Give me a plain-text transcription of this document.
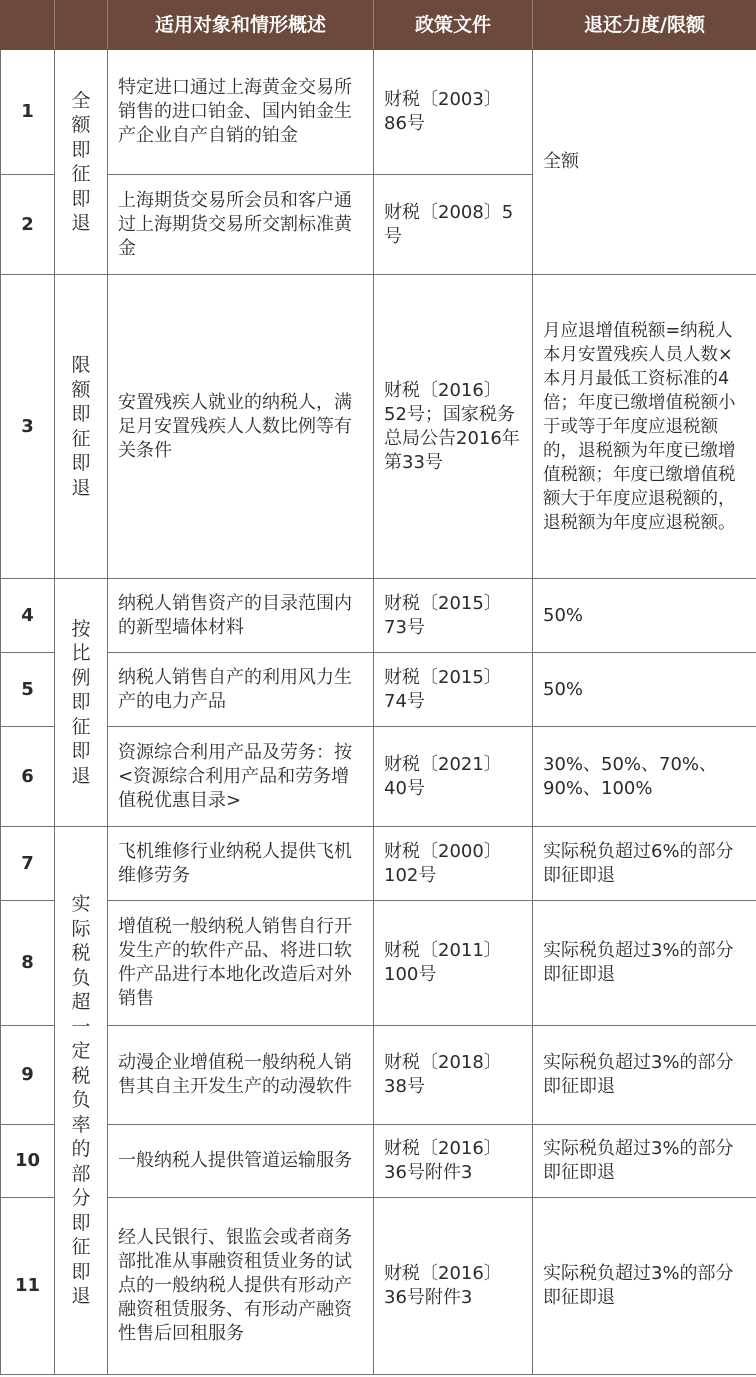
		适用对象和情形概述	政策文件	退还力度/限额
1	全额即征即退	特定进口通过上海黄金交易所销售的进口铂金、国内铂金生产企业自产自销的铂金	财税〔2003〕86号	全额
2		上海期货交易所会员和客户通过上海期货交易所交割标准黄金	财税〔2008〕5号	
3	限额即征即退	安置残疾人就业的纳税人，满足月安置残疾人人数比例等有关条件	财税〔2016〕52号；国家税务总局公告2016年第33号	月应退增值税额=纳税人本月安置残疾人员人数×本月月最低工资标准的4倍；年度已缴增值税额小于或等于年度应退税额的，退税额为年度已缴增值税额；年度已缴增值税额大于年度应退税额的，退税额为年度应退税额。
4	按比例即征即退	纳税人销售资产的目录范围内的新型墙体材料	财税〔2015〕73号	50%
5		纳税人销售自产的利用风力生产的电力产品	财税〔2015〕74号	50%
6		资源综合利用产品及劳务：按<资源综合利用产品和劳务增值税优惠目录>	财税〔2021〕40号	30%、50%、70%、90%、100%
7	实际税负超一定税负率的部分即征即退	飞机维修行业纳税人提供飞机维修劳务	财税〔2000〕102号	实际税负超过6%的部分即征即退
8		增值税一般纳税人销售自行开发生产的软件产品、将进口软件产品进行本地化改造后对外销售	财税〔2011〕100号	实际税负超过3%的部分即征即退
9		动漫企业增值税一般纳税人销售其自主开发生产的动漫软件	财税〔2018〕38号	实际税负超过3%的部分即征即退
10		一般纳税人提供管道运输服务	财税〔2016〕36号附件3	实际税负超过3%的部分即征即退
11		经人民银行、银监会或者商务部批准从事融资租赁业务的试点的一般纳税人提供有形动产融资租赁服务、有形动产融资性售后回租服务	财税〔2016〕36号附件3	实际税负超过3%的部分即征即退
